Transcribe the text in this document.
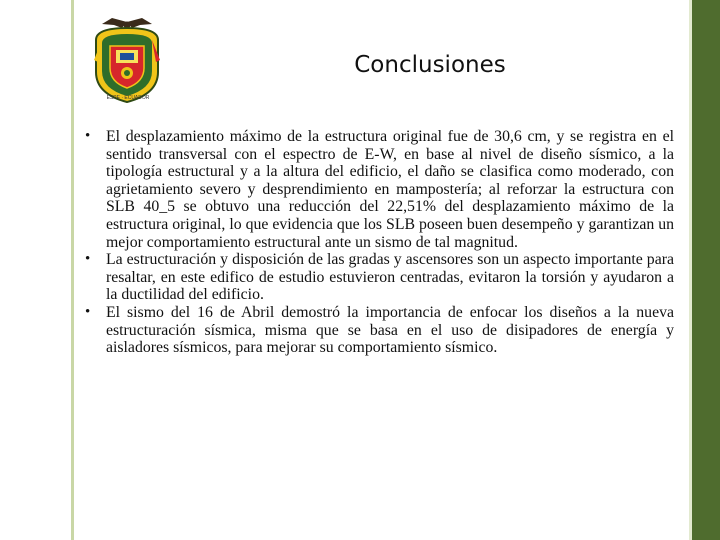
ESPE · ECUADOR
Conclusiones
• El desplazamiento máximo de la estructura original fue de 30,6 cm, y se registra en el sentido transversal con el espectro de E-W, en base al nivel de diseño sísmico, a la tipología estructural y a la altura del edificio, el daño se clasifica como moderado, con agrietamiento severo y desprendimiento en mampostería; al reforzar la estructura con SLB 40_5 se obtuvo una reducción del 22,51% del desplazamiento máximo de la estructura original, lo que evidencia que los SLB poseen buen desempeño y garantizan un mejor comportamiento estructural ante un sismo de tal magnitud.
• La estructuración y disposición de las gradas y ascensores son un aspecto importante para resaltar, en este edifico de estudio estuvieron centradas, evitaron la torsión y ayudaron a la ductilidad del edificio.
• El sismo del 16 de Abril demostró la importancia de enfocar los diseños a la nueva estructuración sísmica, misma que se basa en el uso de disipadores de energía y aisladores sísmicos, para mejorar su comportamiento sísmico.
